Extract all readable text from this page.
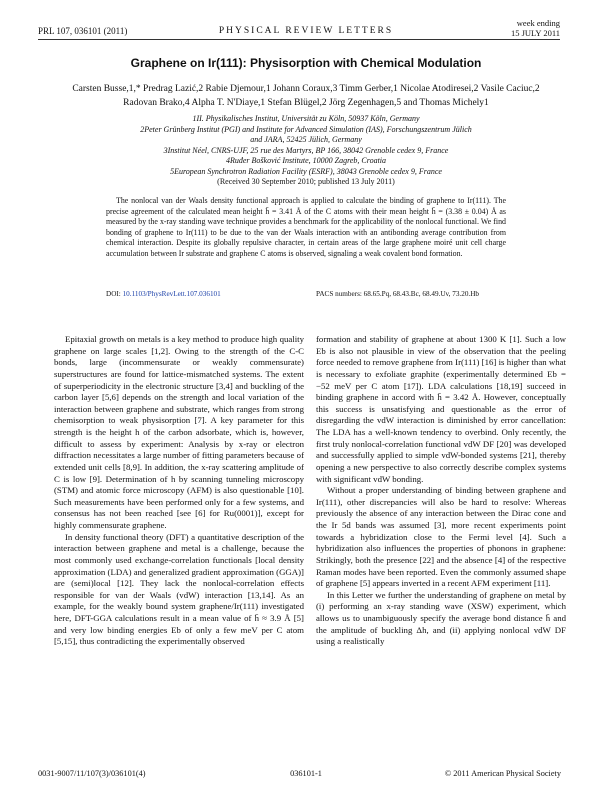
PRL 107, 036101 (2011)	PHYSICAL REVIEW LETTERS
week ending
15 JULY 2011
Graphene on Ir(111): Physisorption with Chemical Modulation
Carsten Busse,1,* Predrag Lazić,2 Rabie Djemour,1 Johann Coraux,3 Timm Gerber,1 Nicolae Atodiresei,2 Vasile Caciuc,2
Radovan Brako,4 Alpha T. N'Diaye,1 Stefan Blügel,2 Jörg Zegenhagen,5 and Thomas Michely1
1II. Physikalisches Institut, Universität zu Köln, 50937 Köln, Germany
2Peter Grünberg Institut (PGI) and Institute for Advanced Simulation (IAS), Forschungszentrum Jülich
and JARA, 52425 Jülich, Germany
3Institut Néel, CNRS-UJF, 25 rue des Martyrs, BP 166, 38042 Grenoble cedex 9, France
4Ruđer Bošković Institute, 10000 Zagreb, Croatia
5European Synchrotron Radiation Facility (ESRF), 38043 Grenoble cedex 9, France
(Received 30 September 2010; published 13 July 2011)
The nonlocal van der Waals density functional approach is applied to calculate the binding of graphene to Ir(111). The precise agreement of the calculated mean height h̄ = 3.41 Å of the C atoms with their mean height h̄ = (3.38 ± 0.04) Å as measured by the x-ray standing wave technique provides a benchmark for the applicability of the nonlocal functional. We find bonding of graphene to Ir(111) to be due to the van der Waals interaction with an antibonding average contribution from chemical interaction. Despite its globally repulsive character, in certain areas of the large graphene moiré unit cell charge accumulation between Ir substrate and graphene C atoms is observed, signaling a weak covalent bond formation.
DOI: 10.1103/PhysRevLett.107.036101	PACS numbers: 68.65.Pq, 68.43.Bc, 68.49.Uv, 73.20.Hb

Epitaxial growth on metals is a key method to produce high quality graphene on large scales [1,2]. Owing to the strength of the C-C bonds, large (incommensurate or weakly commensurate) superstructures are found for lattice-mismatched systems. The extent of superperiodicity in the electronic structure [3,4] and buckling of the carbon layer [5,6] depends on the strength and local variation of the interaction between graphene and substrate, which ranges from strong chemisorption to weak physisorption [7]. A key parameter for this strength is the height h of the carbon adsorbate, which is, however, difficult to assess by experiment: Analysis by x-ray or electron diffraction necessitates a large number of fitting parameters because of extended unit cells [8,9]. In addition, the x-ray scattering amplitude of C is low [9]. Determination of h by scanning tunneling microscopy (STM) and atomic force microscopy (AFM) is also questionable [10]. Such measurements have been performed only for a few systems, and consensus has not been reached [see [6] for Ru(0001)], except for highly commensurate graphene.

In density functional theory (DFT) a quantitative description of the interaction between graphene and metal is a challenge, because the most commonly used exchange-correlation functionals [local density approximation (LDA) and generalized gradient approximation (GGA)] are (semi)local [12]. They lack the nonlocal-correlation effects responsible for van der Waals (vdW) interaction [13,14]. As an example, for the weakly bound system graphene/Ir(111) investigated here, DFT-GGA calculations result in a mean value of h̄ ≈ 3.9 Å [5] and very low binding energies Eb of only a few meV per C atom [5,15], thus contradicting the experimentally observed

formation and stability of graphene at about 1300 K [1]. Such a low Eb is also not plausible in view of the observation that the peeling force needed to remove graphene from Ir(111) [16] is higher than what is necessary to exfoliate graphite (experimentally determined Eb = −52 meV per C atom [17]). LDA calculations [18,19] succeed in binding graphene in accord with h̄ = 3.42 Å. However, conceptually this success is unsatisfying and questionable as the error of disregarding the vdW interaction is diminished by error cancellation: The LDA has a well-known tendency to overbind. Only recently, the first truly nonlocal-correlation functional vdW DF [20] was developed and successfully applied to simple vdW-bonded systems [21], thereby opening a new perspective to also correctly describe complex systems with significant vdW bonding.

Without a proper understanding of binding between graphene and Ir(111), other discrepancies will also be hard to resolve: Whereas previously the absence of any interaction between the Dirac cone and the Ir 5d bands was assumed [3], more recent experiments point towards a hybridization close to the Fermi level [4]. Such a hybridization also influences the properties of phonons in graphene: Strikingly, both the presence [22] and the absence [4] of the respective Raman modes have been reported. Even the commonly assumed shape of graphene [5] appears inverted in a recent AFM experiment [11].

In this Letter we further the understanding of graphene on metal by (i) performing an x-ray standing wave (XSW) experiment, which allows us to unambiguously specify the average bond distance h̄ and the amplitude of buckling Δh, and (ii) applying nonlocal vdW DF using a realistically

0031-9007/11/107(3)/036101(4)	036101-1	© 2011 American Physical Society
